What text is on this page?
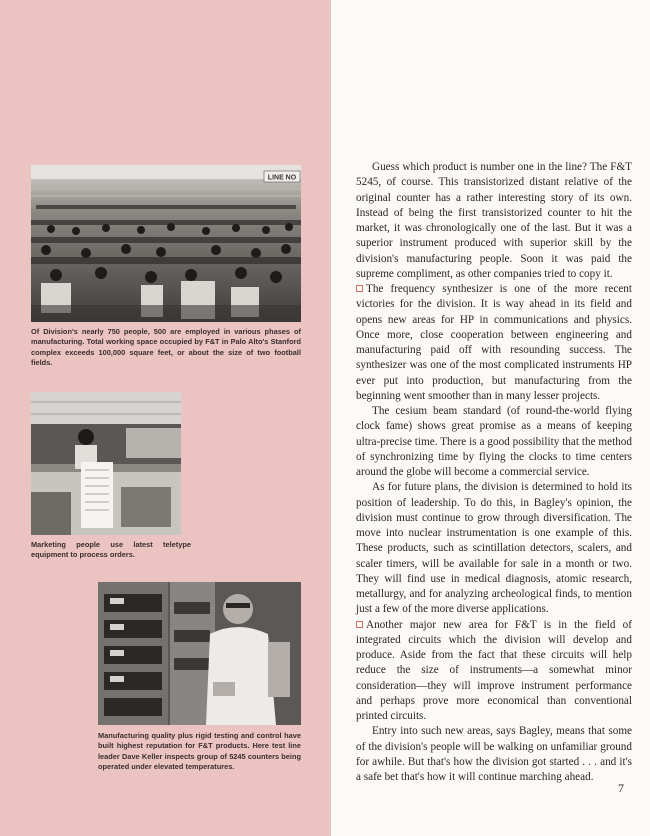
LINE NO
Of Division's nearly 750 people, 500 are employed in various phases of manufacturing. Total working space occupied by F&T in Palo Alto's Stanford complex exceeds 100,000 square feet, or about the size of two football fields.
Marketing people use latest teletype equipment to process orders.
Manufacturing quality plus rigid testing and control have built highest reputation for F&T products. Here test line leader Dave Keller inspects group of 5245 counters being operated under elevated temperatures.

Guess which product is number one in the line? The F&T 5245, of course. This transistorized distant relative of the original counter has a rather interesting story of its own. Instead of being the first transistorized counter to hit the market, it was chronologically one of the last. But it was a superior instrument produced with superior skill by the division's manufacturing people. Soon it was paid the supreme compliment, as other companies tried to copy it.

The frequency synthesizer is one of the more recent victories for the division. It is way ahead in its field and opens new areas for HP in communications and physics. Once more, close cooperation between engineering and manufacturing paid off with resounding success. The synthesizer was one of the most complicated instruments HP ever put into production, but manufacturing from the beginning went smoother than in many lesser projects.

The cesium beam standard (of round-the-world flying clock fame) shows great promise as a means of keeping ultra-precise time. There is a good possibility that the method of synchronizing time by flying the clocks to time centers around the globe will become a commercial service.

As for future plans, the division is determined to hold its position of leadership. To do this, in Bagley's opinion, the division must continue to grow through diversification. The move into nuclear instrumentation is one example of this. These products, such as scintillation detectors, scalers, and scaler timers, will be available for sale in a month or two. They will find use in medical diagnosis, atomic research, metallurgy, and for analyzing archeological finds, to mention just a few of the more diverse applications.

Another major new area for F&T is in the field of integrated circuits which the division will develop and produce. Aside from the fact that these circuits will help reduce the size of instruments—a somewhat minor consideration—they will improve instrument performance and perhaps prove more economical than conventional printed circuits.

Entry into such new areas, says Bagley, means that some of the division's people will be walking on unfamiliar ground for awhile. But that's how the division got started . . . and it's a safe bet that's how it will continue marching ahead.

7
